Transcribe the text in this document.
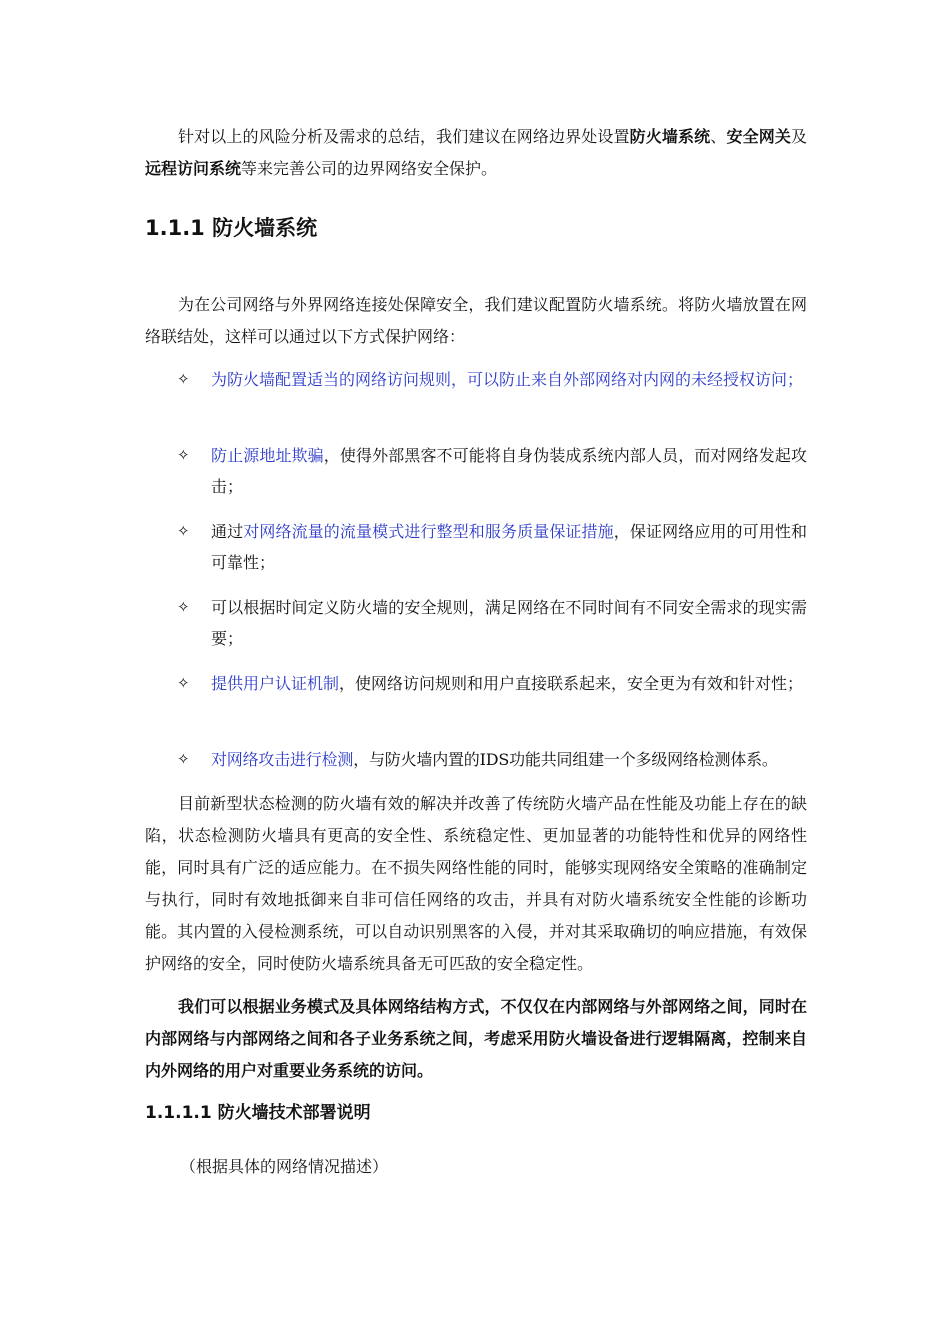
针对以上的风险分析及需求的总结，我们建议在网络边界处设置防火墙系统、安全网关及远程访问系统等来完善公司的边界网络安全保护。

1.1.1 防火墙系统

为在公司网络与外界网络连接处保障安全，我们建议配置防火墙系统。将防火墙放置在网络联结处，这样可以通过以下方式保护网络：

✧	为防火墙配置适当的网络访问规则，可以防止来自外部网络对内网的未经授权访问；
✧	防止源地址欺骗，使得外部黑客不可能将自身伪装成系统内部人员，而对网络发起攻击；
✧	通过对网络流量的流量模式进行整型和服务质量保证措施，保证网络应用的可用性和可靠性；
✧	可以根据时间定义防火墙的安全规则，满足网络在不同时间有不同安全需求的现实需要；
✧	提供用户认证机制，使网络访问规则和用户直接联系起来，安全更为有效和针对性；
✧	对网络攻击进行检测，与防火墙内置的IDS功能共同组建一个多级网络检测体系。

目前新型状态检测的防火墙有效的解决并改善了传统防火墙产品在性能及功能上存在的缺陷，状态检测防火墙具有更高的安全性、系统稳定性、更加显著的功能特性和优异的网络性能，同时具有广泛的适应能力。在不损失网络性能的同时，能够实现网络安全策略的准确制定与执行，同时有效地抵御来自非可信任网络的攻击，并具有对防火墙系统安全性能的诊断功能。其内置的入侵检测系统，可以自动识别黑客的入侵，并对其采取确切的响应措施，有效保护网络的安全，同时使防火墙系统具备无可匹敌的安全稳定性。

我们可以根据业务模式及具体网络结构方式，不仅仅在内部网络与外部网络之间，同时在内部网络与内部网络之间和各子业务系统之间，考虑采用防火墙设备进行逻辑隔离，控制来自内外网络的用户对重要业务系统的访问。

1.1.1.1 防火墙技术部署说明

（根据具体的网络情况描述）
